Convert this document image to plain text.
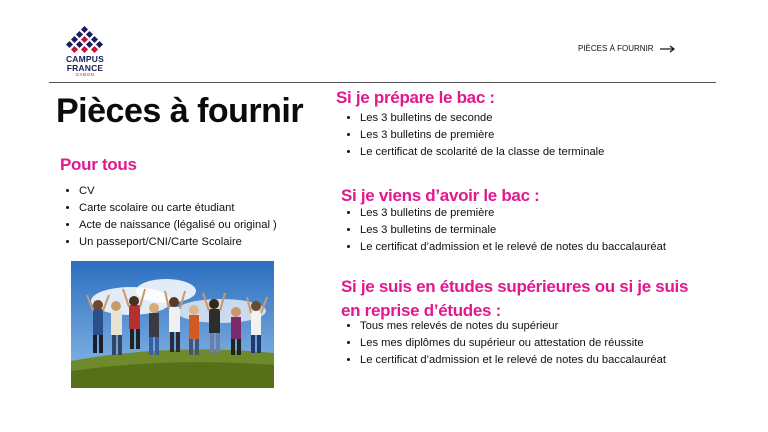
CAMPUS
FRANCE
GABON
PIÈCES À FOURNIR
Pièces à fournir
Pour tous
• CV
• Carte scolaire ou carte étudiant
• Acte de naissance (légalisé ou original )
• Un passeport/CNI/Carte Scolaire
Si je prépare le bac :
• Les 3 bulletins de seconde
• Les 3 bulletins de première
• Le certificat de scolarité de la classe de terminale
Si je viens d’avoir le bac :
• Les 3 bulletins de première
• Les 3 bulletins de terminale
• Le certificat d’admission et le relevé de notes du baccalauréat
Si je suis en études supérieures ou si je suis
en reprise d’études :
• Tous mes relevés de notes du supérieur
• Les mes diplômes du supérieur ou attestation de réussite
• Le certificat d’admission et le relevé de notes du baccalauréat
